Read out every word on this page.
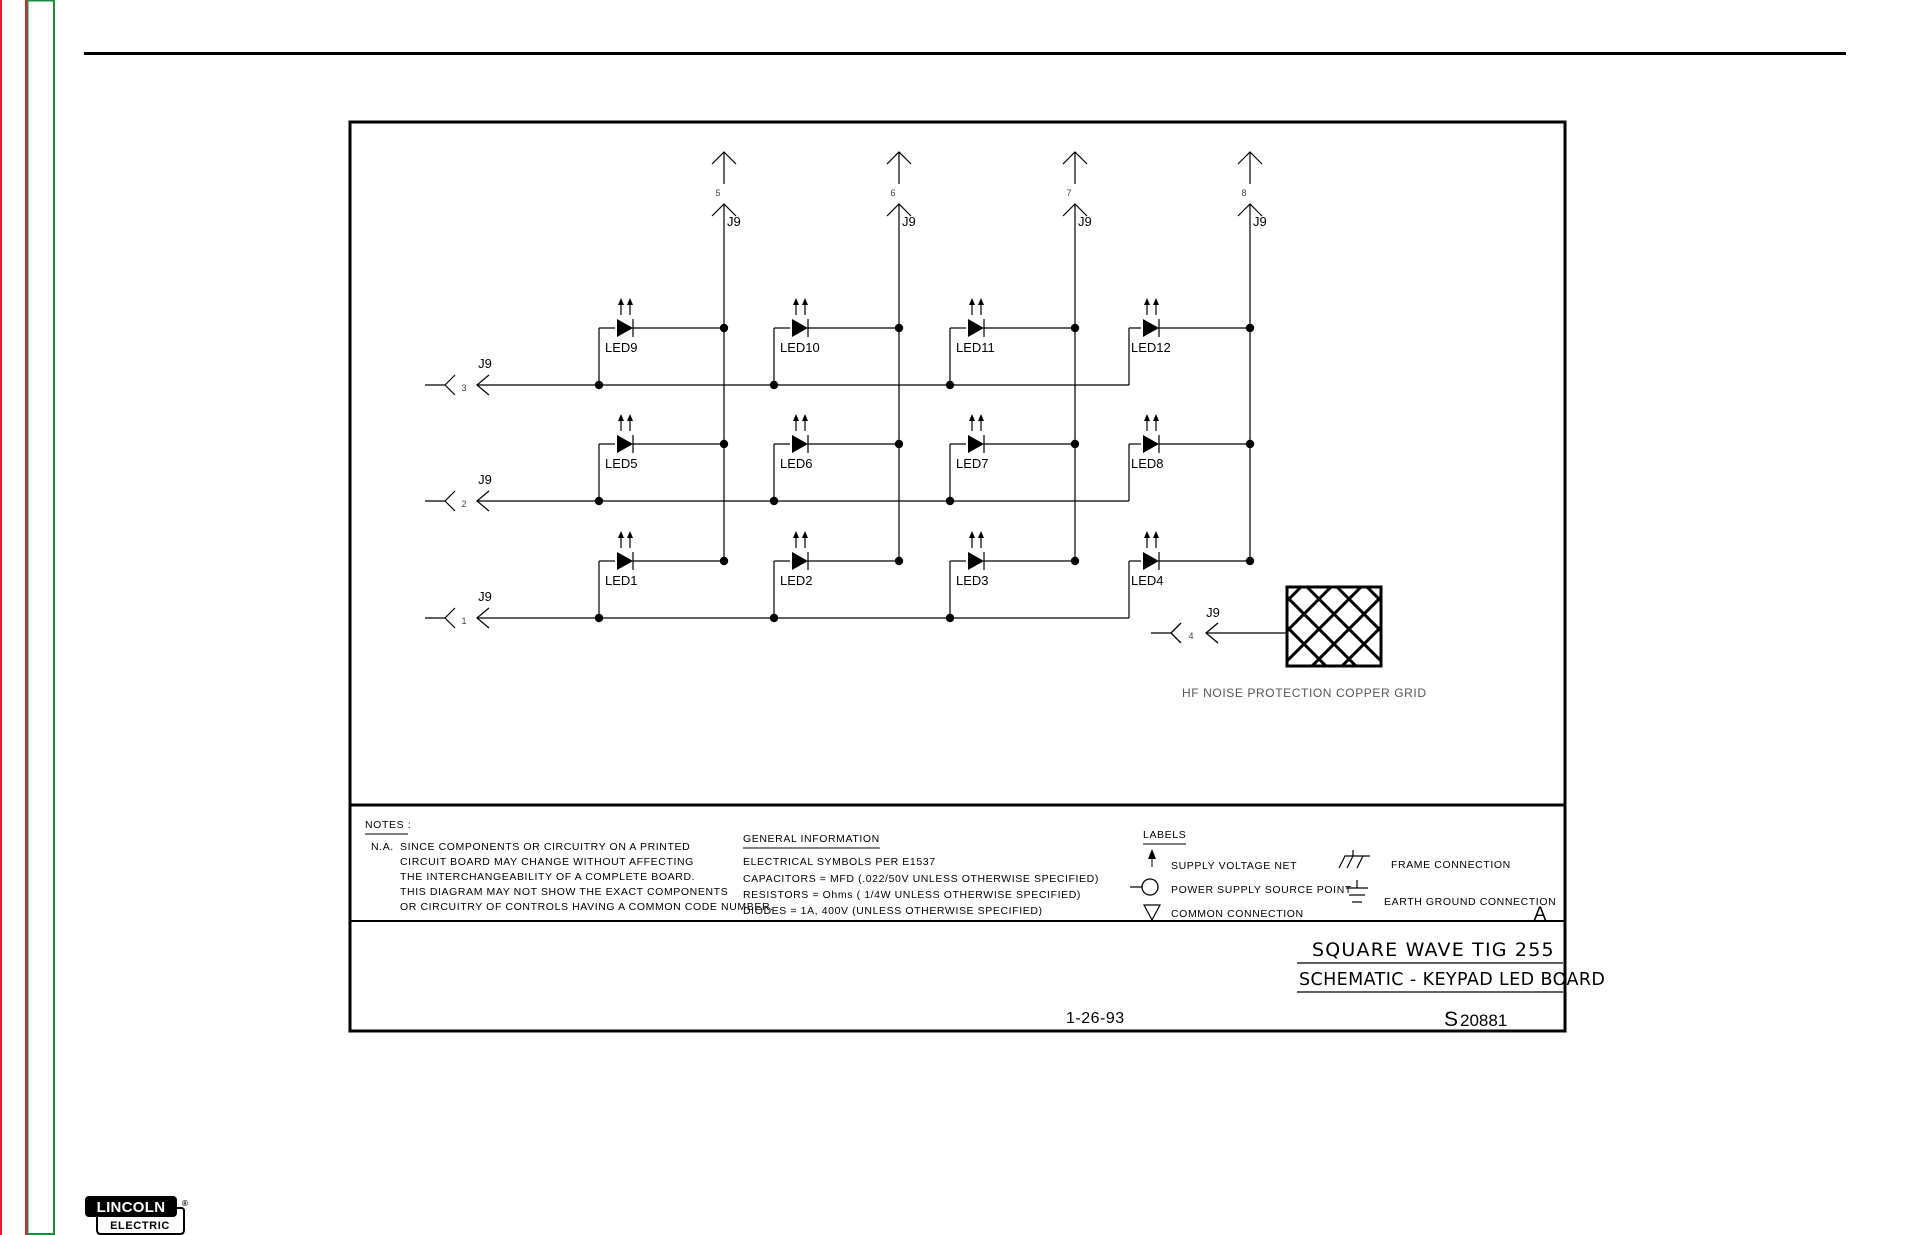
5
J9
6
J9
7
J9
8
J9
3
J9
2
J9
1
J9
LED9	LED10	LED11	LED12
LED5	LED6	LED7	LED8
LED1	LED2	LED3	LED4
4
J9
HF NOISE PROTECTION COPPER GRID
NOTES :
N.A. SINCE COMPONENTS OR CIRCUITRY ON A PRINTED
CIRCUIT BOARD MAY CHANGE WITHOUT AFFECTING
THE INTERCHANGEABILITY OF A COMPLETE BOARD.
THIS DIAGRAM MAY NOT SHOW THE EXACT COMPONENTS
OR CIRCUITRY OF CONTROLS HAVING A COMMON CODE NUMBER.
GENERAL INFORMATION
ELECTRICAL SYMBOLS PER E1537
CAPACITORS = MFD (.022/50V UNLESS OTHERWISE SPECIFIED)
RESISTORS = Ohms ( 1/4W UNLESS OTHERWISE SPECIFIED)
DIODES = 1A, 400V (UNLESS OTHERWISE SPECIFIED)
LABELS
SUPPLY VOLTAGE NET
POWER SUPPLY SOURCE POINT
COMMON CONNECTION
FRAME CONNECTION
EARTH GROUND CONNECTION
A
SQUARE WAVE TIG 255
SCHEMATIC - KEYPAD LED BOARD
1-26-93	S 20881
LINCOLN ®
ELECTRIC
